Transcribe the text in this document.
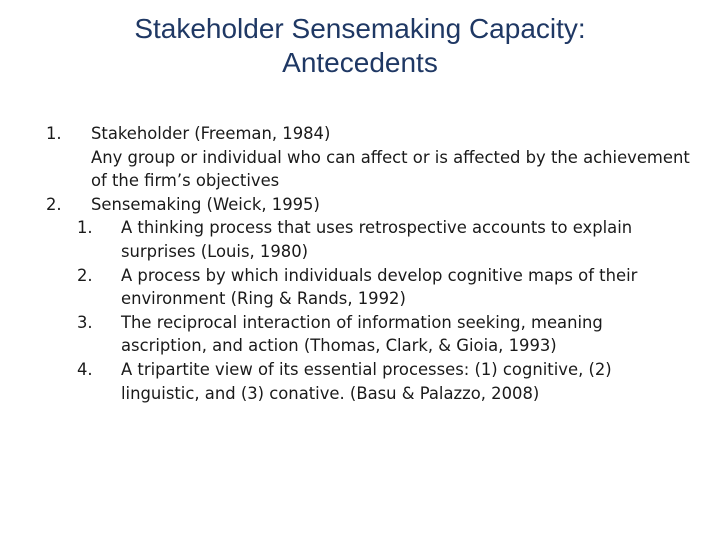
Stakeholder Sensemaking Capacity:
Antecedents
1. Stakeholder (Freeman, 1984)
Any group or individual who can affect or is affected by the achievement of the firm’s objectives
2. Sensemaking (Weick, 1995)
1. A thinking process that uses retrospective accounts to explain surprises (Louis, 1980)
2. A process by which individuals develop cognitive maps of their environment (Ring & Rands, 1992)
3. The reciprocal interaction of information seeking, meaning ascription, and action (Thomas, Clark, & Gioia, 1993)
4. A tripartite view of its essential processes: (1) cognitive, (2) linguistic, and (3) conative. (Basu & Palazzo, 2008)
